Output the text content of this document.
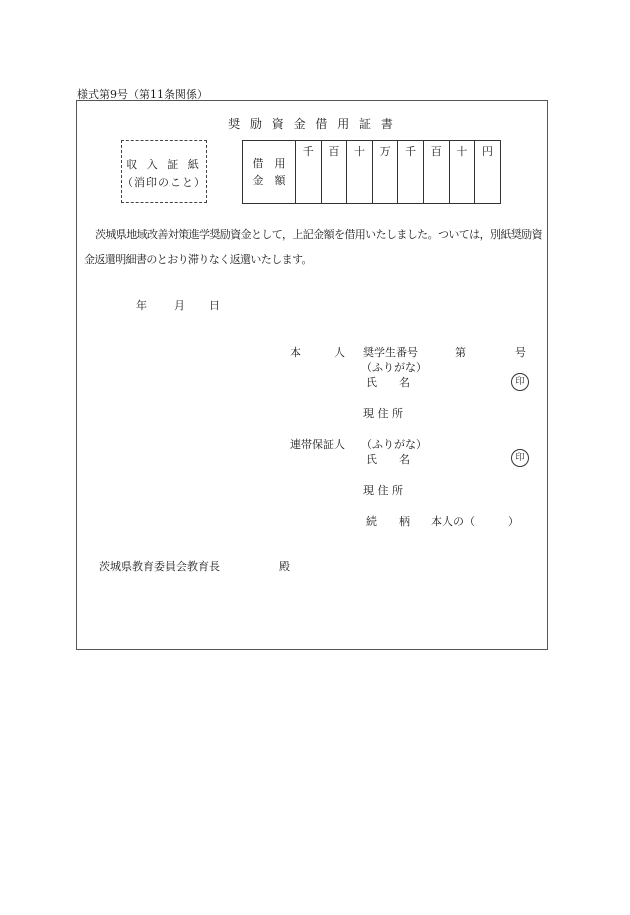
様式第9号（第11条関係）
奨 励 資 金 借 用 証 書
収 入 証 紙
（消印のこと）
借　用
金　額
	千	百	十	万	千	百	十	円
茨城県地域改善対策進学奨励資金として，上記金額を借用いたしました。ついては，別紙奨励資金返還明細書のとおり滞りなく返還いたします。
年 月 日
本　　　人 奨学生番号	第	号
（ふりがな）
氏　　名	印
現 住 所
連帯保証人 （ふりがな）
氏　　名	印
現 住 所
続　　柄 本人の（　　　）
茨城県教育委員会教育長	殿
